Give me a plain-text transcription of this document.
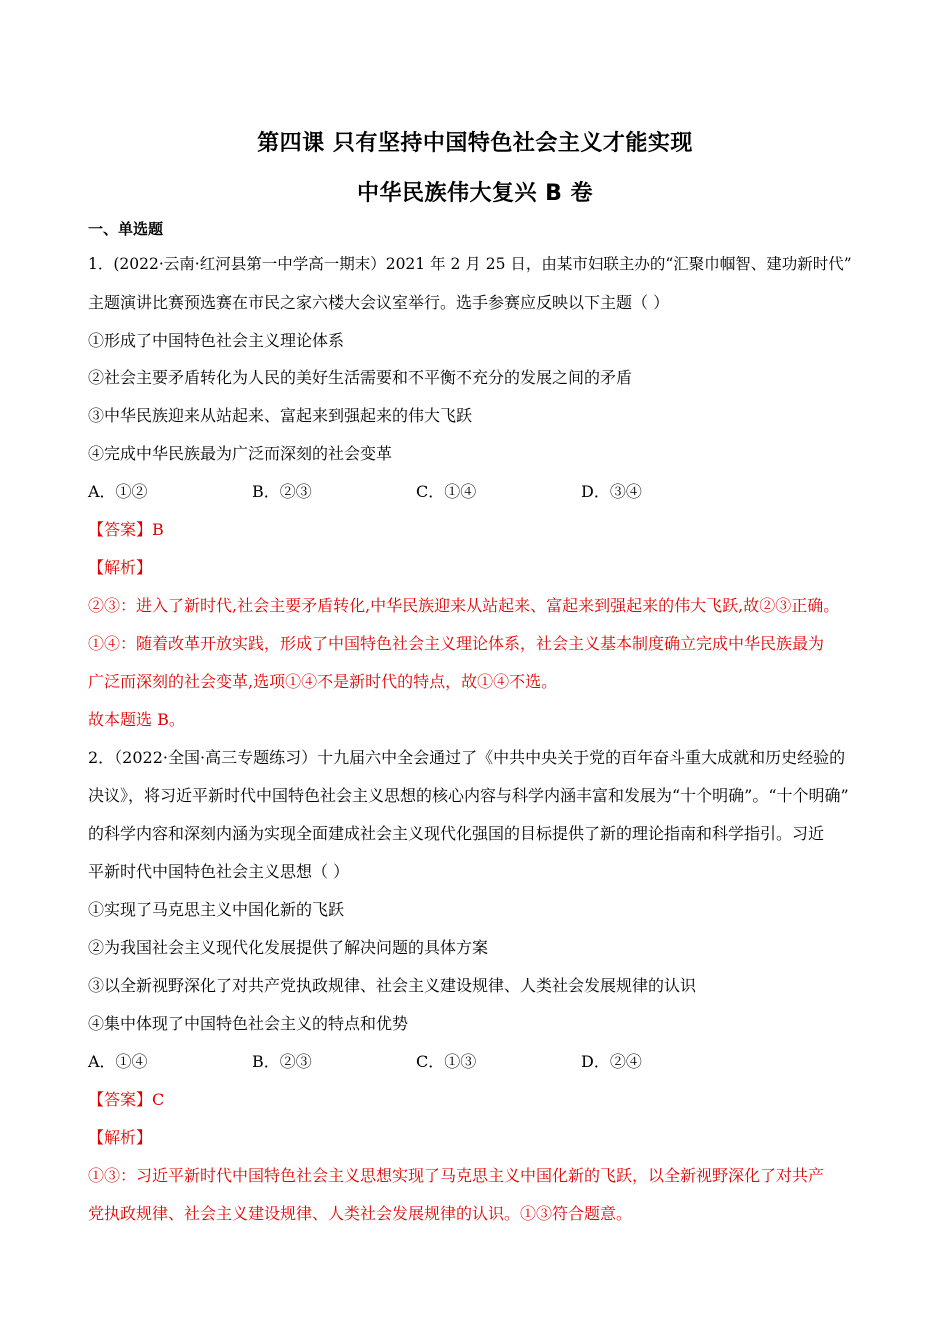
第四课 只有坚持中国特色社会主义才能实现
中华民族伟大复兴 B 卷
一、单选题
1．(2022·云南·红河县第一中学高一期末）2021 年 2 月 25 日，由某市妇联主办的“汇聚巾帼智、建功新时代”
主题演讲比赛预选赛在市民之家六楼大会议室举行。选手参赛应反映以下主题（ ）
①形成了中国特色社会主义理论体系
②社会主要矛盾转化为人民的美好生活需要和不平衡不充分的发展之间的矛盾
③中华民族迎来从站起来、富起来到强起来的伟大飞跃
④完成中华民族最为广泛而深刻的社会变革
A．①②	B．②③	C．①④	D．③④
【答案】B
【解析】
②③：进入了新时代,社会主要矛盾转化,中华民族迎来从站起来、富起来到强起来的伟大飞跃,故②③正确。
①④：随着改革开放实践，形成了中国特色社会主义理论体系，社会主义基本制度确立完成中华民族最为
广泛而深刻的社会变革,选项①④不是新时代的特点，故①④不选。
故本题选 B。
2．（2022·全国·高三专题练习）十九届六中全会通过了《中共中央关于党的百年奋斗重大成就和历史经验的
决议》，将习近平新时代中国特色社会主义思想的核心内容与科学内涵丰富和发展为“十个明确”。“十个明确”
的科学内容和深刻内涵为实现全面建成社会主义现代化强国的目标提供了新的理论指南和科学指引。习近
平新时代中国特色社会主义思想（ ）
①实现了马克思主义中国化新的飞跃
②为我国社会主义现代化发展提供了解决问题的具体方案
③以全新视野深化了对共产党执政规律、社会主义建设规律、人类社会发展规律的认识
④集中体现了中国特色社会主义的特点和优势
A．①④	B．②③	C．①③	D．②④
【答案】C
【解析】
①③：习近平新时代中国特色社会主义思想实现了马克思主义中国化新的飞跃，以全新视野深化了对共产
党执政规律、社会主义建设规律、人类社会发展规律的认识。①③符合题意。
